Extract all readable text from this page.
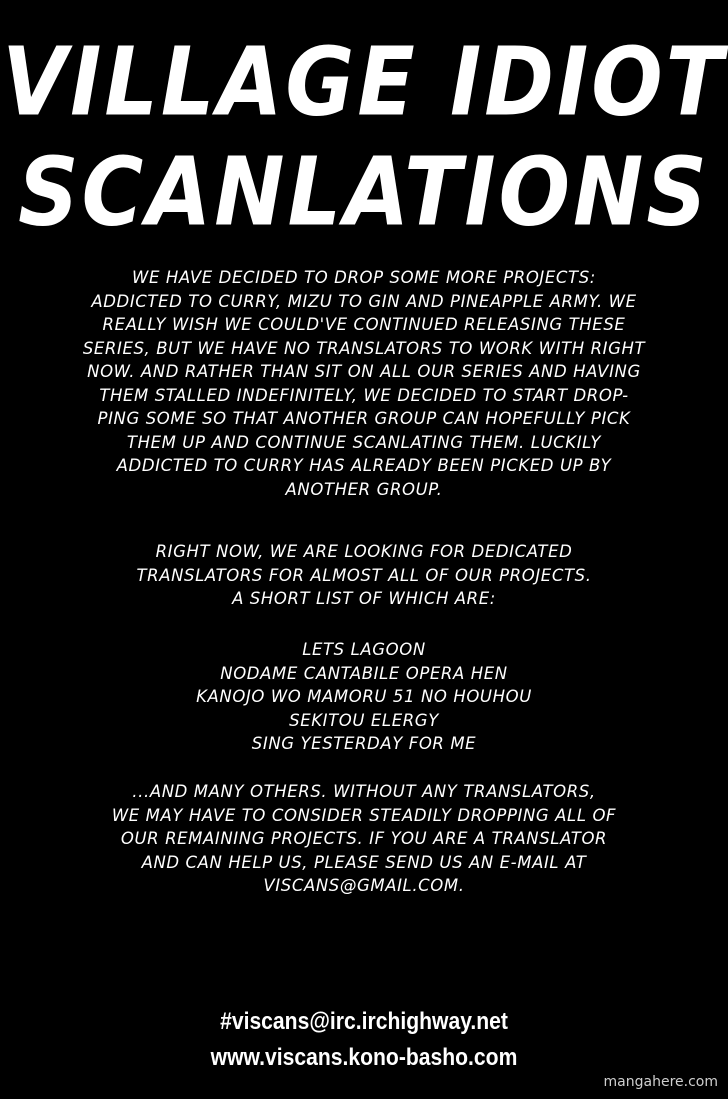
VILLAGE IDIOT
SCANLATIONS
WE HAVE DECIDED TO DROP SOME MORE PROJECTS:
ADDICTED TO CURRY, MIZU TO GIN AND PINEAPPLE ARMY. WE
REALLY WISH WE COULD'VE CONTINUED RELEASING THESE
SERIES, BUT WE HAVE NO TRANSLATORS TO WORK WITH RIGHT
NOW. AND RATHER THAN SIT ON ALL OUR SERIES AND HAVING
THEM STALLED INDEFINITELY, WE DECIDED TO START DROP-
PING SOME SO THAT ANOTHER GROUP CAN HOPEFULLY PICK
THEM UP AND CONTINUE SCANLATING THEM. LUCKILY
ADDICTED TO CURRY HAS ALREADY BEEN PICKED UP BY
ANOTHER GROUP.
RIGHT NOW, WE ARE LOOKING FOR DEDICATED
TRANSLATORS FOR ALMOST ALL OF OUR PROJECTS.
A SHORT LIST OF WHICH ARE:
LETS LAGOON
NODAME CANTABILE OPERA HEN
KANOJO WO MAMORU 51 NO HOUHOU
SEKITOU ELERGY
SING YESTERDAY FOR ME
...AND MANY OTHERS. WITHOUT ANY TRANSLATORS,
WE MAY HAVE TO CONSIDER STEADILY DROPPING ALL OF
OUR REMAINING PROJECTS. IF YOU ARE A TRANSLATOR
AND CAN HELP US, PLEASE SEND US AN E-MAIL AT
VISCANS@GMAIL.COM.
#viscans@irc.irchighway.net
www.viscans.kono-basho.com
mangahere.com
